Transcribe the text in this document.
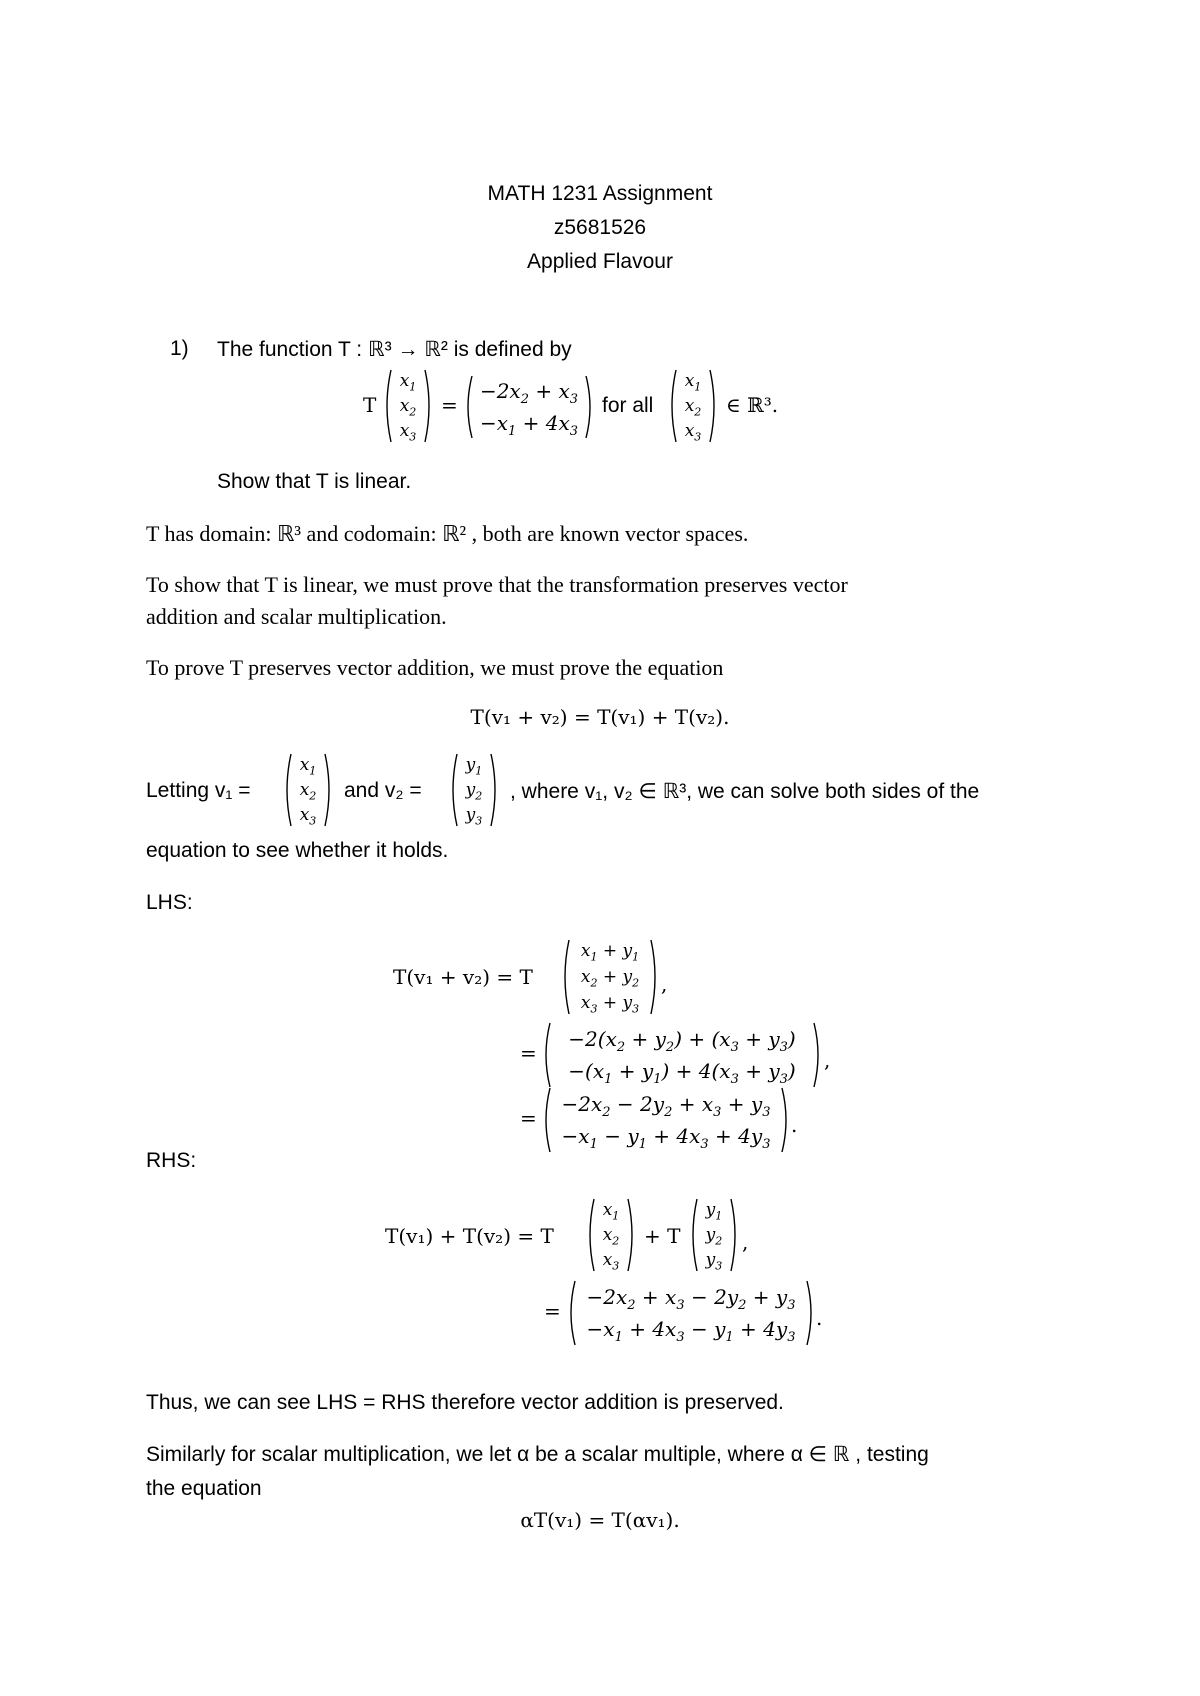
MATH 1231 Assignment
z5681526
Applied Flavour
1) The function T : ℝ³ → ℝ² is defined by
T
$x_1$
$x_2$
$x_3$
=
$-2x_2 + x_3$
$-x_1 + 4x_3$
for all
$x_1$
$x_2$
$x_3$
∈ ℝ³.
Show that T is linear.
T has domain: ℝ³ and codomain: ℝ² , both are known vector spaces.
To show that T is linear, we must prove that the transformation preserves vector
addition and scalar multiplication.
To prove T preserves vector addition, we must prove the equation
T(v₁ + v₂) = T(v₁) + T(v₂).
Letting v₁ =
$x_1$
$x_2$
$x_3$
and v₂ =
$y_1$
$y_2$
$y_3$
, where v₁, v₂ ∈ ℝ³, we can solve both sides of the
equation to see whether it holds.
LHS:
T(v₁ + v₂) = T
$x_1 + y_1$
$x_2 + y_2$
$x_3 + y_3$
,
=
$-2(x_2 + y_2) + (x_3 + y_3)$
$-(x_1 + y_1) + 4(x_3 + y_3)$	,
=
$-2x_2 - 2y_2 + x_3 + y_3$
$-x_1 - y_1 + 4x_3 + 4y_3$
.
RHS:
T(v₁) + T(v₂) = T
$x_1$
$x_2$
$x_3$
+ T
$y_1$
$y_2$
$y_3$
,
=
$-2x_2 + x_3 - 2y_2 + y_3$
$-x_1 + 4x_3 - y_1 + 4y_3$
.
Thus, we can see LHS = RHS therefore vector addition is preserved.
Similarly for scalar multiplication, we let α be a scalar multiple, where α ∈ ℝ , testing
the equation
αT(v₁) = T(αv₁).
